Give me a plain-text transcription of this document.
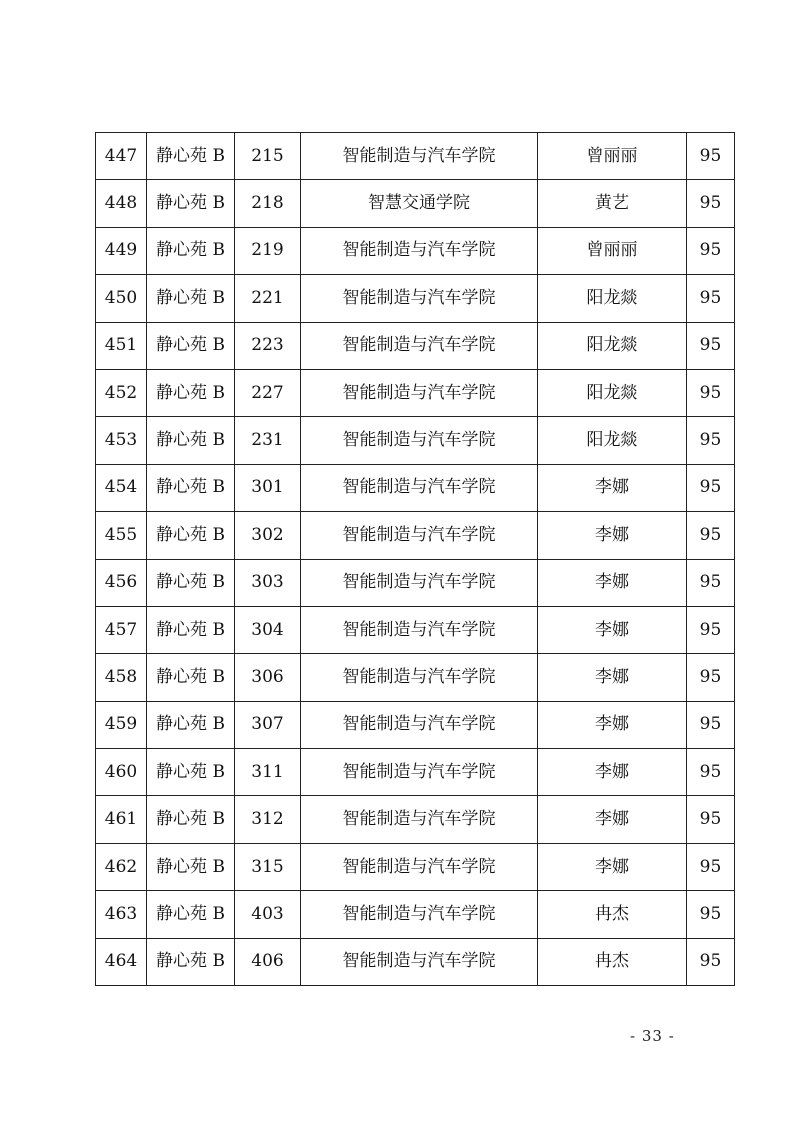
447	静心苑 B	215	智能制造与汽车学院	曾丽丽	95
448	静心苑 B	218	智慧交通学院	黄艺	95
449	静心苑 B	219	智能制造与汽车学院	曾丽丽	95
450	静心苑 B	221	智能制造与汽车学院	阳龙燚	95
451	静心苑 B	223	智能制造与汽车学院	阳龙燚	95
452	静心苑 B	227	智能制造与汽车学院	阳龙燚	95
453	静心苑 B	231	智能制造与汽车学院	阳龙燚	95
454	静心苑 B	301	智能制造与汽车学院	李娜	95
455	静心苑 B	302	智能制造与汽车学院	李娜	95
456	静心苑 B	303	智能制造与汽车学院	李娜	95
457	静心苑 B	304	智能制造与汽车学院	李娜	95
458	静心苑 B	306	智能制造与汽车学院	李娜	95
459	静心苑 B	307	智能制造与汽车学院	李娜	95
460	静心苑 B	311	智能制造与汽车学院	李娜	95
461	静心苑 B	312	智能制造与汽车学院	李娜	95
462	静心苑 B	315	智能制造与汽车学院	李娜	95
463	静心苑 B	403	智能制造与汽车学院	冉杰	95
464	静心苑 B	406	智能制造与汽车学院	冉杰	95
- 33 -
